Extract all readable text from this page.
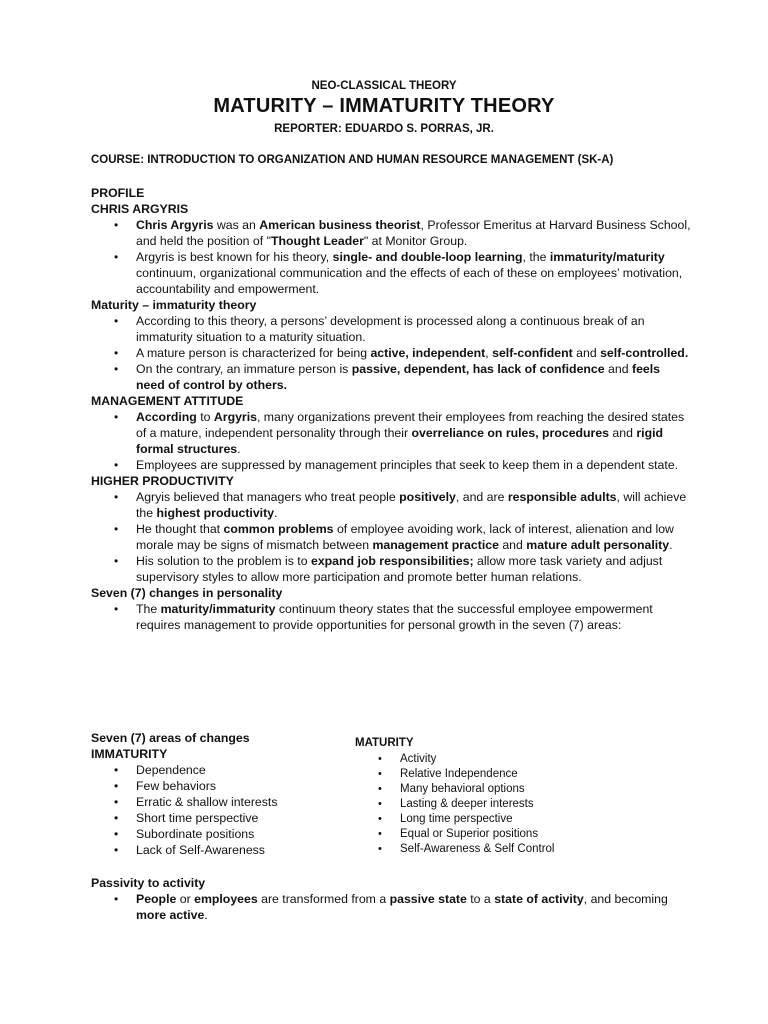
NEO-CLASSICAL THEORY
MATURITY – IMMATURITY THEORY
REPORTER: EDUARDO S. PORRAS, JR.
COURSE: INTRODUCTION TO ORGANIZATION AND HUMAN RESOURCE MANAGEMENT (SK-A)

PROFILE

CHRIS ARGYRIS

• Chris Argyris was an American business theorist, Professor Emeritus at Harvard Business School, and held the position of "Thought Leader" at Monitor Group.
• Argyris is best known for his theory, single- and double-loop learning, the immaturity/maturity continuum, organizational communication and the effects of each of these on employees’ motivation, accountability and empowerment.

Maturity – immaturity theory

• According to this theory, a persons’ development is processed along a continuous break of an immaturity situation to a maturity situation.
• A mature person is characterized for being active, independent, self-confident and self-controlled.
• On the contrary, an immature person is passive, dependent, has lack of confidence and feels need of control by others.

MANAGEMENT ATTITUDE

• According to Argyris, many organizations prevent their employees from reaching the desired states of a mature, independent personality through their overreliance on rules, procedures and rigid formal structures.
• Employees are suppressed by management principles that seek to keep them in a dependent state.

HIGHER PRODUCTIVITY

• Agryis believed that managers who treat people positively, and are responsible adults, will achieve the highest productivity.
• He thought that common problems of employee avoiding work, lack of interest, alienation and low morale may be signs of mismatch between management practice and mature adult personality.
• His solution to the problem is to expand job responsibilities; allow more task variety and adjust supervisory styles to allow more participation and promote better human relations.

Seven (7) changes in personality

• The maturity/immaturity continuum theory states that the successful employee empowerment requires management to provide opportunities for personal growth in the seven (7) areas:

Seven (7) areas of changes

IMMATURITY

• Dependence
• Few behaviors
• Erratic & shallow interests
• Short time perspective
• Subordinate positions
• Lack of Self-Awareness

MATURITY

• Activity
• Relative Independence
• Many behavioral options
• Lasting & deeper interests
• Long time perspective
• Equal or Superior positions
• Self-Awareness & Self Control

Passivity to activity

• People or employees are transformed from a passive state to a state of activity, and becoming more active.
